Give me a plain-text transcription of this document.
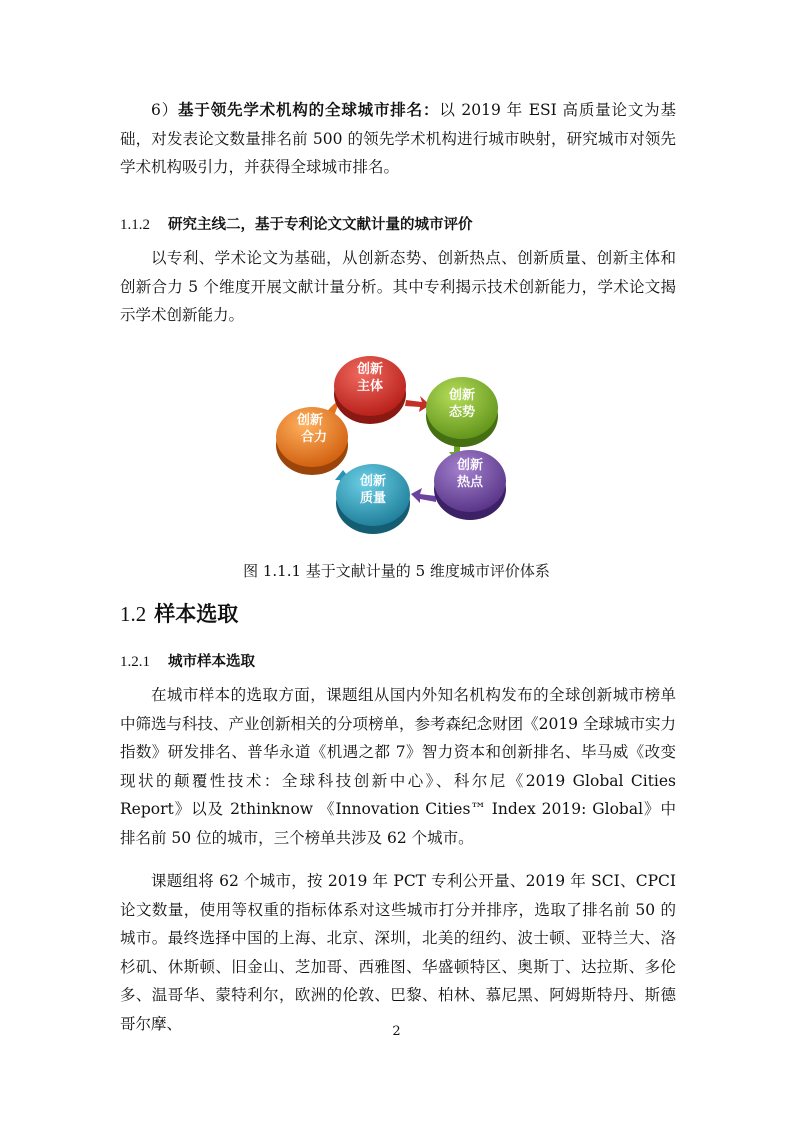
6）基于领先学术机构的全球城市排名：以 2019 年 ESI 高质量论文为基础，对发表论文数量排名前 500 的领先学术机构进行城市映射，研究城市对领先学术机构吸引力，并获得全球城市排名。

1.1.2 研究主线二，基于专利论文文献计量的城市评价

以专利、学术论文为基础，从创新态势、创新热点、创新质量、创新主体和创新合力 5 个维度开展文献计量分析。其中专利揭示技术创新能力，学术论文揭示学术创新能力。

创新
主体
创新
态势
创新
热点
创新
质量
创新
合力

图 1.1.1 基于文献计量的 5 维度城市评价体系

1.2 样本选取
1.2.1 城市样本选取

在城市样本的选取方面，课题组从国内外知名机构发布的全球创新城市榜单中筛选与科技、产业创新相关的分项榜单，参考森纪念财团《2019 全球城市实力指数》研发排名、普华永道《机遇之都 7》智力资本和创新排名、毕马威《改变现状的颠覆性技术：全球科技创新中心》、科尔尼《2019 Global Cities Report》以及 2thinknow 《Innovation Cities™ Index 2019: Global》中排名前 50 位的城市，三个榜单共涉及 62 个城市。

课题组将 62 个城市，按 2019 年 PCT 专利公开量、2019 年 SCI、CPCI 论文数量，使用等权重的指标体系对这些城市打分并排序，选取了排名前 50 的城市。最终选择中国的上海、北京、深圳，北美的纽约、波士顿、亚特兰大、洛杉矶、休斯顿、旧金山、芝加哥、西雅图、华盛顿特区、奥斯丁、达拉斯、多伦多、温哥华、蒙特利尔，欧洲的伦敦、巴黎、柏林、慕尼黑、阿姆斯特丹、斯德哥尔摩、	2
